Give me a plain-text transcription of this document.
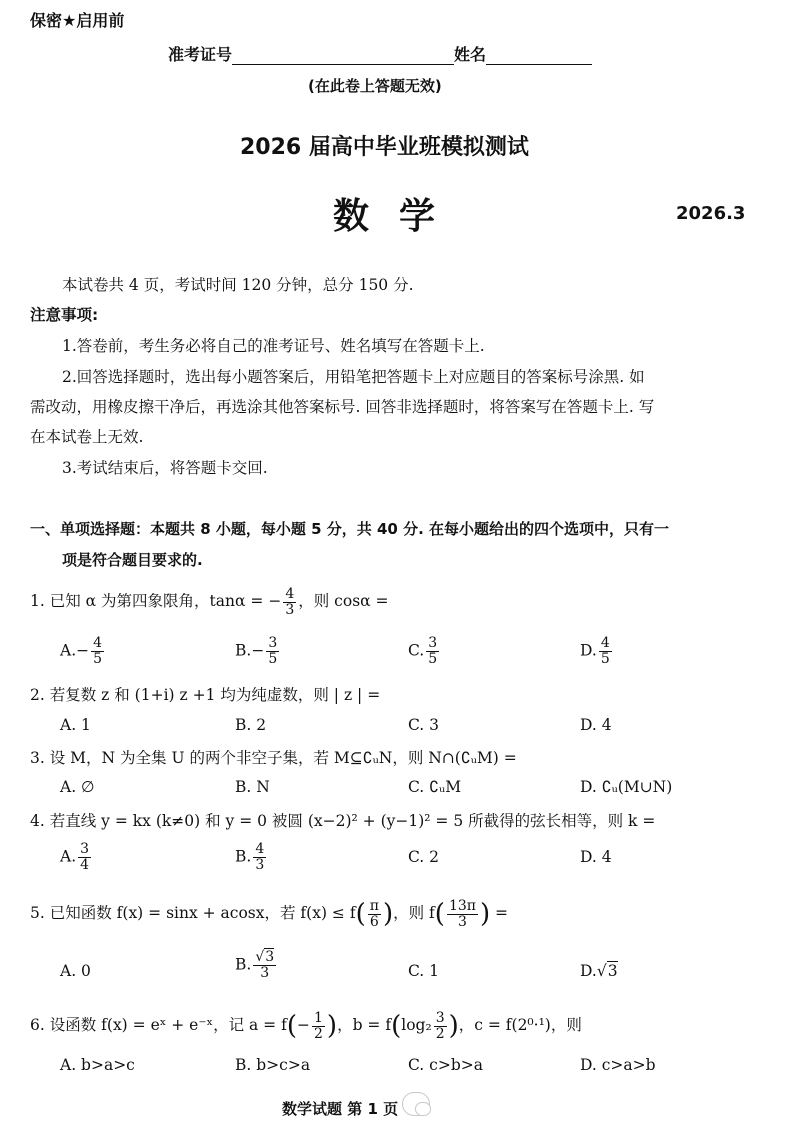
保密★启用前
准考证号	姓名
(在此卷上答题无效)
2026 届高中毕业班模拟测试
数学	2026.3
本试卷共 4 页，考试时间 120 分钟，总分 150 分.
注意事项:
1.答卷前，考生务必将自己的准考证号、姓名填写在答题卡上.
2.回答选择题时，选出每小题答案后，用铅笔把答题卡上对应题目的答案标号涂黑. 如
需改动，用橡皮擦干净后，再选涂其他答案标号. 回答非选择题时，将答案写在答题卡上. 写
在本试卷上无效.
3.考试结束后，将答题卡交回.
一、单项选择题：本题共 8 小题，每小题 5 分，共 40 分. 在每小题给出的四个选项中，只有一
项是符合题目要求的.
1. 已知 α 为第四象限角，tanα = − $\frac{4}{3}$ ，则 cosα =
$A.- \frac{4}{5}$	$B.- \frac{3}{5}$	C. $\frac{3}{5}$	D. $\frac{4}{5}$
2. 若复数 z 和 (1+i) z +1 均为纯虚数，则 | z | =
A. 1	B. 2	C. 3	D. 4
3. 设 M，N 为全集 U 的两个非空子集，若 M⊆∁ᵤN，则 N∩(∁ᵤM) =
A. ∅	B. N	C. ∁ᵤM	D. ∁ᵤ(M∪N)
4. 若直线 y = kx (k≠0) 和 y = 0 被圆 (x−2)² + (y−1)² = 5 所截得的弦长相等，则 k =
A. $\frac{3}{4}$	B. $\frac{4}{3}$	C. 2	D. 4
5. 已知函数 f(x) = sinx + acosx，若 $f(x) \le f( \frac{\pi}{6}$ )，则 $f( \frac{13\pi}{3}$ ) =
A. 0	B. $\frac{√3}{3}$	C. 1	D.√3
6. 设函数 f(x) = eˣ + e⁻ˣ，记 $a = f(- \frac{1}{2}$ )，$b = f(\log_2 \frac{3}{2}$ )，c = f(2⁰·¹)，则
A. b>a>c	B. b>c>a	C. c>b>a	D. c>a>b
数学试题 第 1 页
